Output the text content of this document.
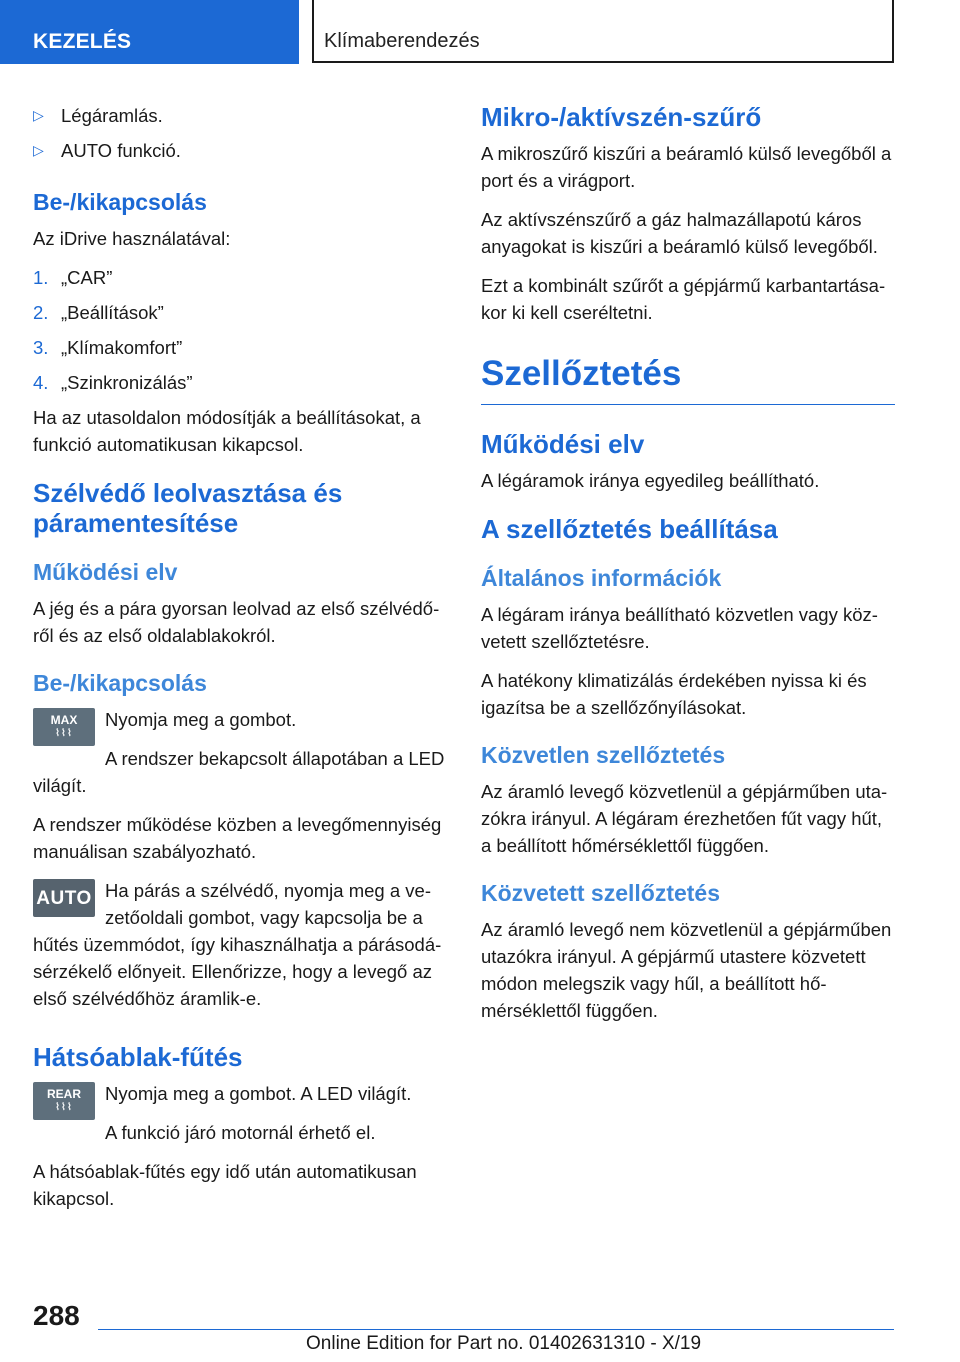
KEZELÉS	Klímaberendezés
▷ Légáramlás.
▷ AUTO funkció.
Be-/kikapcsolás

Az iDrive használatával:

1. „CAR”
2. „Beállítások”
3. „Klímakomfort”
4. „Szinkronizálás”

Ha az utasoldalon módosítják a beállításokat, a funkció automatikusan kikapcsol.

Szélvédő leolvasztása és páramentesítése
Működési elv

A jég és a pára gyorsan leolvad az első szélvédőről és az első oldalablakokról.

Be-/kikapcsolás
MAX
⌇⌇⌇

Nyomja meg a gombot.

A rendszer bekapcsolt állapotában a LED világít.

A rendszer működése közben a levegőmennyiség manuálisan szabályozható.

AUTO Ha párás a szélvédő, nyomja meg a vezetőoldali gombot, vagy kapcsolja be a hűtés üzemmódot, így kihasználhatja a párásodásérzékelő előnyeit. Ellenőrizze, hogy a levegő az első szélvédőhöz áramlik-e.

Hátsóablak-fűtés
REAR
⌇⌇⌇

Nyomja meg a gombot. A LED világít.

A funkció járó motornál érhető el.

A hátsóablak-fűtés egy idő után automatikusan kikapcsol.

Mikro-/aktívszén-szűrő

A mikroszűrő kiszűri a beáramló külső levegőből a port és a virágport.

Az aktívszénszűrő a gáz halmazállapotú káros anyagokat is kiszűri a beáramló külső levegőből.

Ezt a kombinált szűrőt a gépjármű karbantartásakor ki kell cseréltetni.

Szellőztetés
Működési elv

A légáramok iránya egyedileg beállítható.

A szellőztetés beállítása
Általános információk

A légáram iránya beállítható közvetlen vagy közvetett szellőztetésre.

A hatékony klimatizálás érdekében nyissa ki és igazítsa be a szellőzőnyílásokat.

Közvetlen szellőztetés

Az áramló levegő közvetlenül a gépjárműben utazókra irányul. A légáram érezhetően fűt vagy hűt, a beállított hőmérséklettől függően.

Közvetett szellőztetés

Az áramló levegő nem közvetlenül a gépjárműben utazókra irányul. A gépjármű utastere közvetett módon melegszik vagy hűl, a beállított hőmérséklettől függően.

288
Online Edition for Part no. 01402631310 - X/19
